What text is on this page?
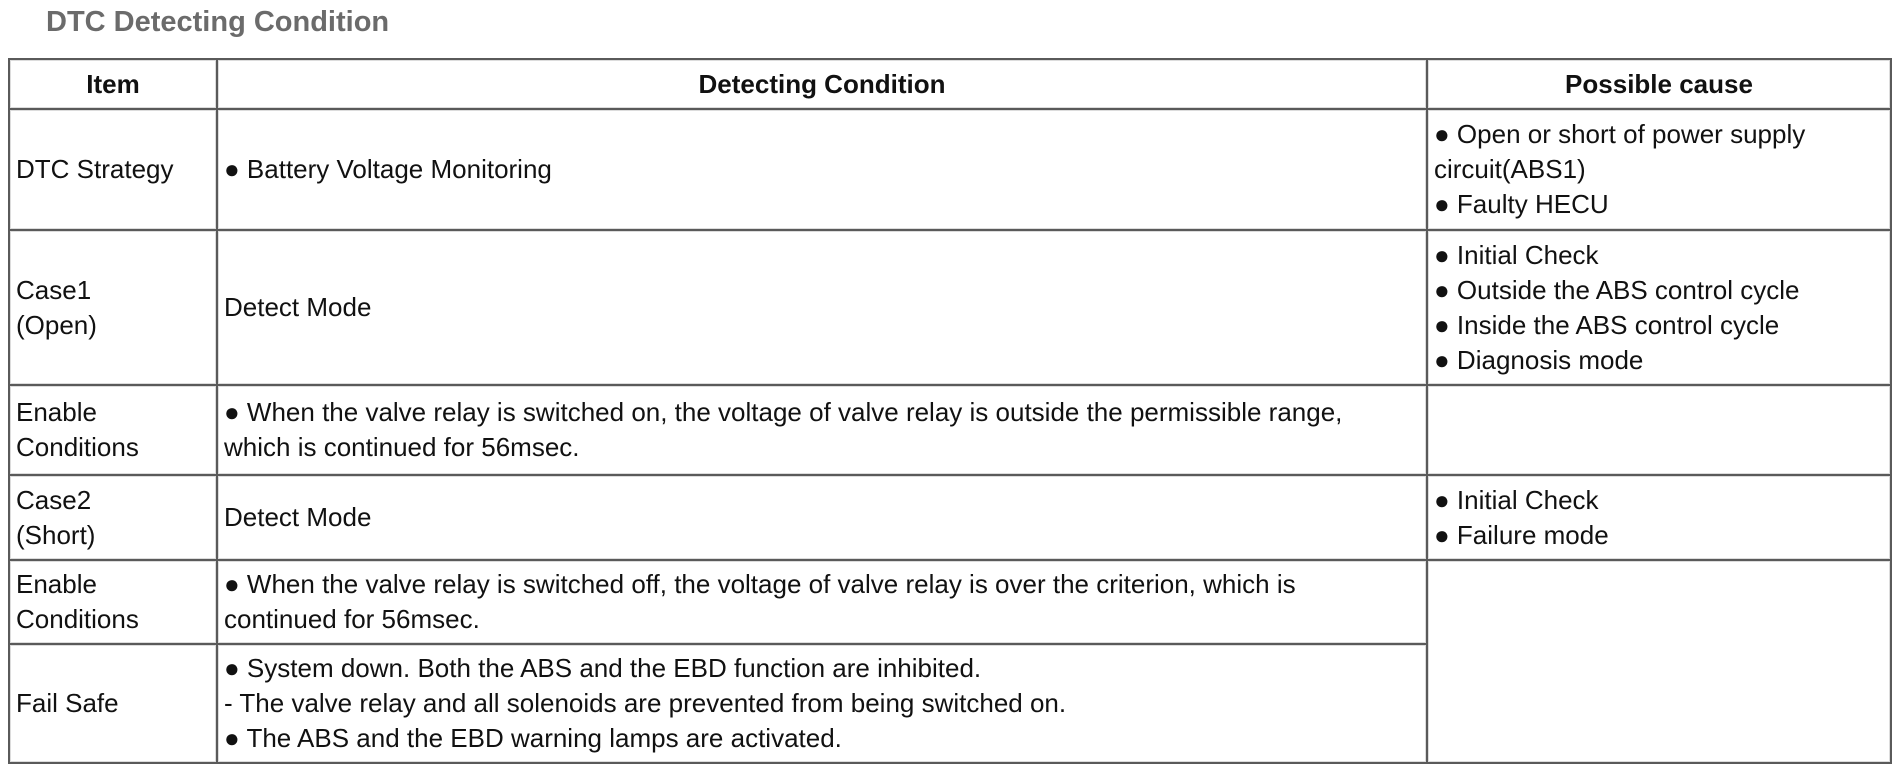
DTC Detecting Condition
Item	Detecting Condition	Possible cause
DTC Strategy	● Battery Voltage Monitoring	● Open or short of power supply
circuit(ABS1)
● Faulty HECU

Case1
(Open)	Detect Mode	● Initial Check
● Outside the ABS control cycle
● Inside the ABS control cycle
● Diagnosis mode

Enable
Conditions	● When the valve relay is switched on, the voltage of valve relay is outside the permissible range,
which is continued for 56msec.	

Case2
(Short)	Detect Mode	● Initial Check
● Failure mode

Enable
Conditions	● When the valve relay is switched off, the voltage of valve relay is over the criterion, which is
continued for 56msec.	

Fail Safe	● System down. Both the ABS and the EBD function are inhibited.
- The valve relay and all solenoids are prevented from being switched on.
● The ABS and the EBD warning lamps are activated.	
